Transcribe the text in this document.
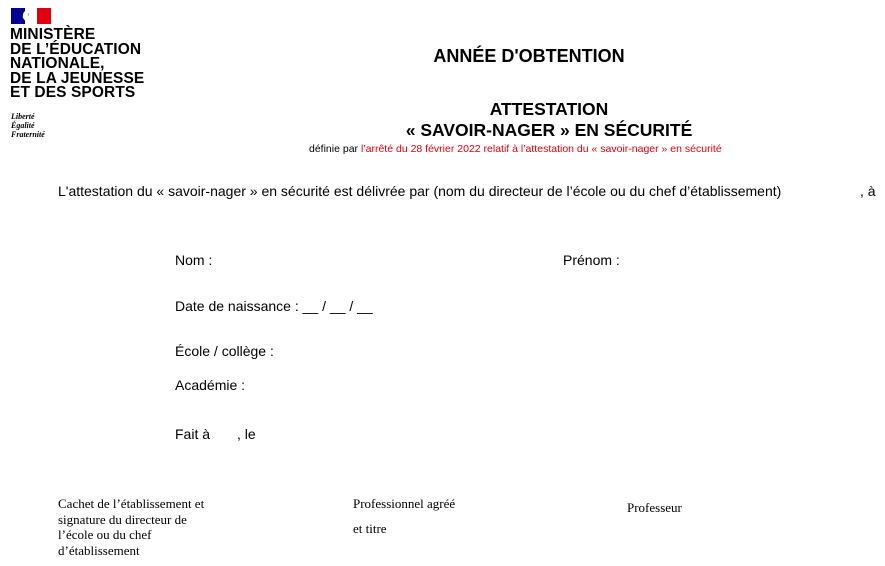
MINISTÈRE
DE L’ÉDUCATION
NATIONALE,
DE LA JEUNESSE
ET DES SPORTS
Liberté
Égalité
Fraternité
ANNÉE D'OBTENTION
ATTESTATION
« SAVOIR-NAGER » EN SÉCURITÉ
définie par l’arrêté du 28 février 2022 relatif à l’attestation du « savoir-nager » en sécurité
L'attestation du « savoir-nager » en sécurité est délivrée par (nom du directeur de l’école ou du chef d’établissement)	, à
Nom :	Prénom :
Date de naissance : __ / __ / __
École / collège :
Académie :
Fait à , le
Cachet de l’établissement et
signature du directeur de
l’école ou du chef
d’établissement
Professionnel agréé
et titre
Professeur
